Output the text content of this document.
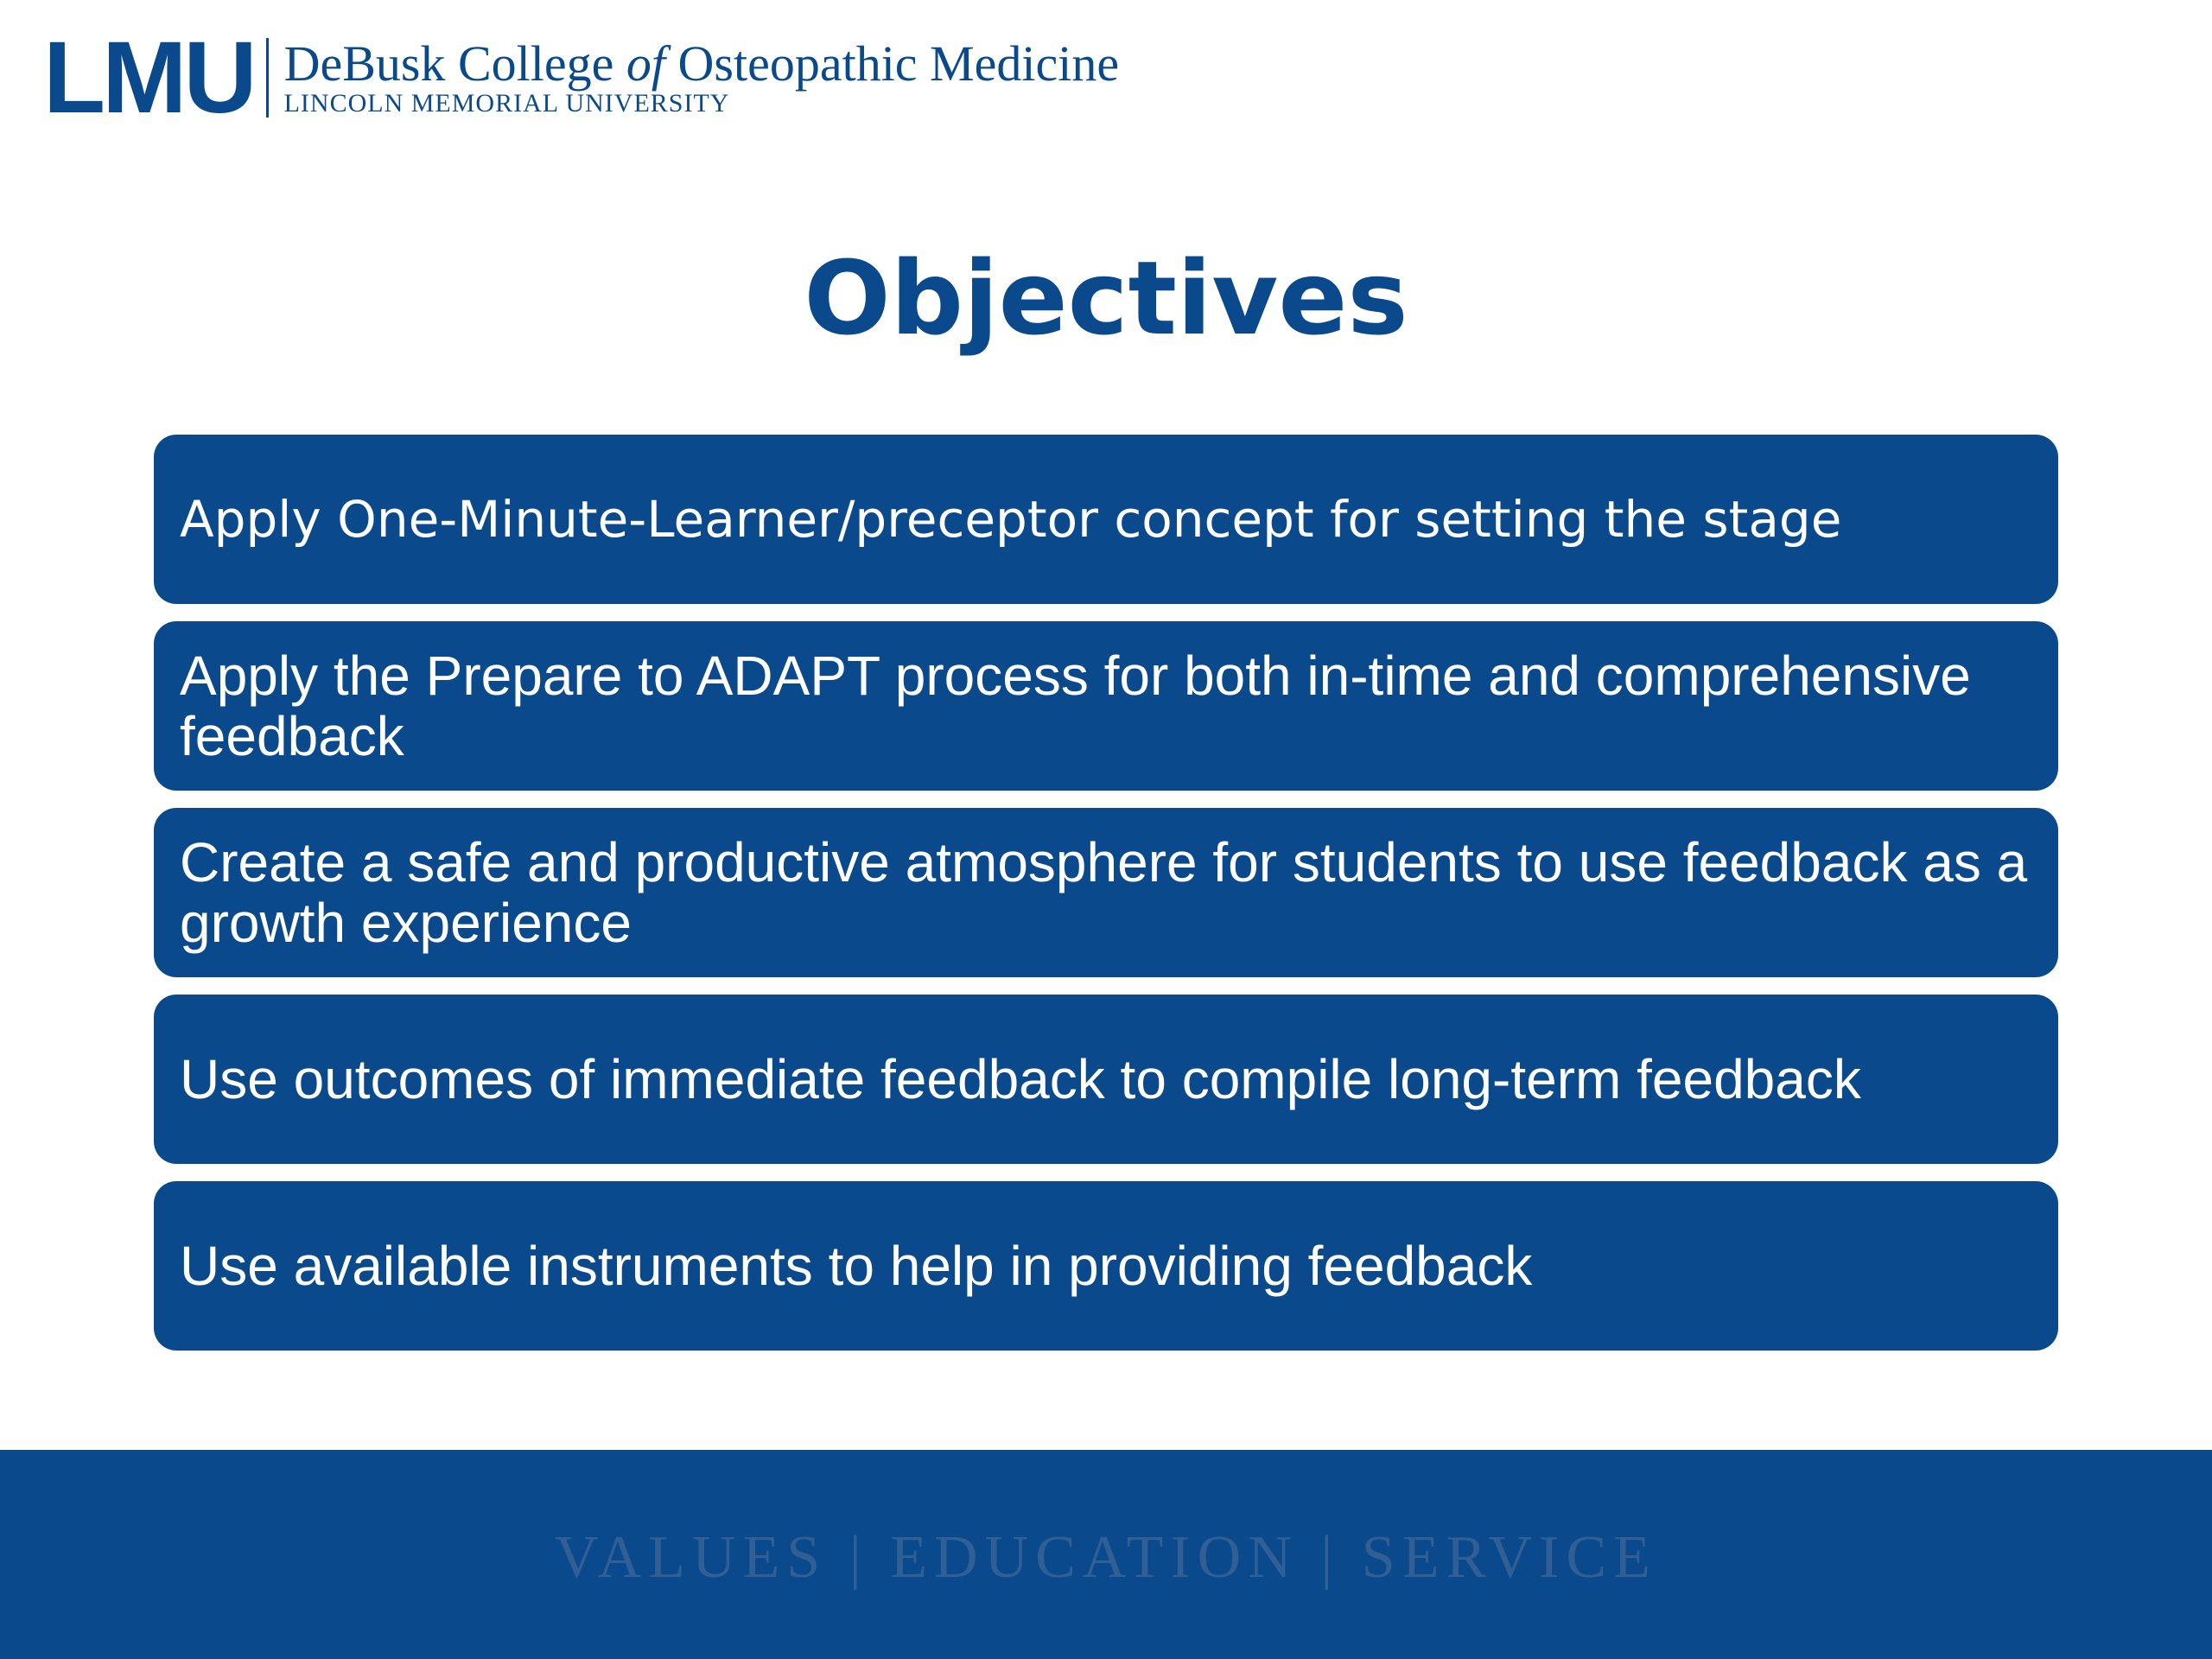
LMU DeBusk College of Osteopathic Medicine
LINCOLN MEMORIAL UNIVERSITY
Objectives
Apply One-Minute-Learner/preceptor concept for setting the stage
Apply the Prepare to ADAPT process for both in-time and comprehensive feedback
Create a safe and productive atmosphere for students to use feedback as a growth experience
Use outcomes of immediate feedback to compile long-term feedback
Use available instruments to help in providing feedback
VALUES | EDUCATION | SERVICE
